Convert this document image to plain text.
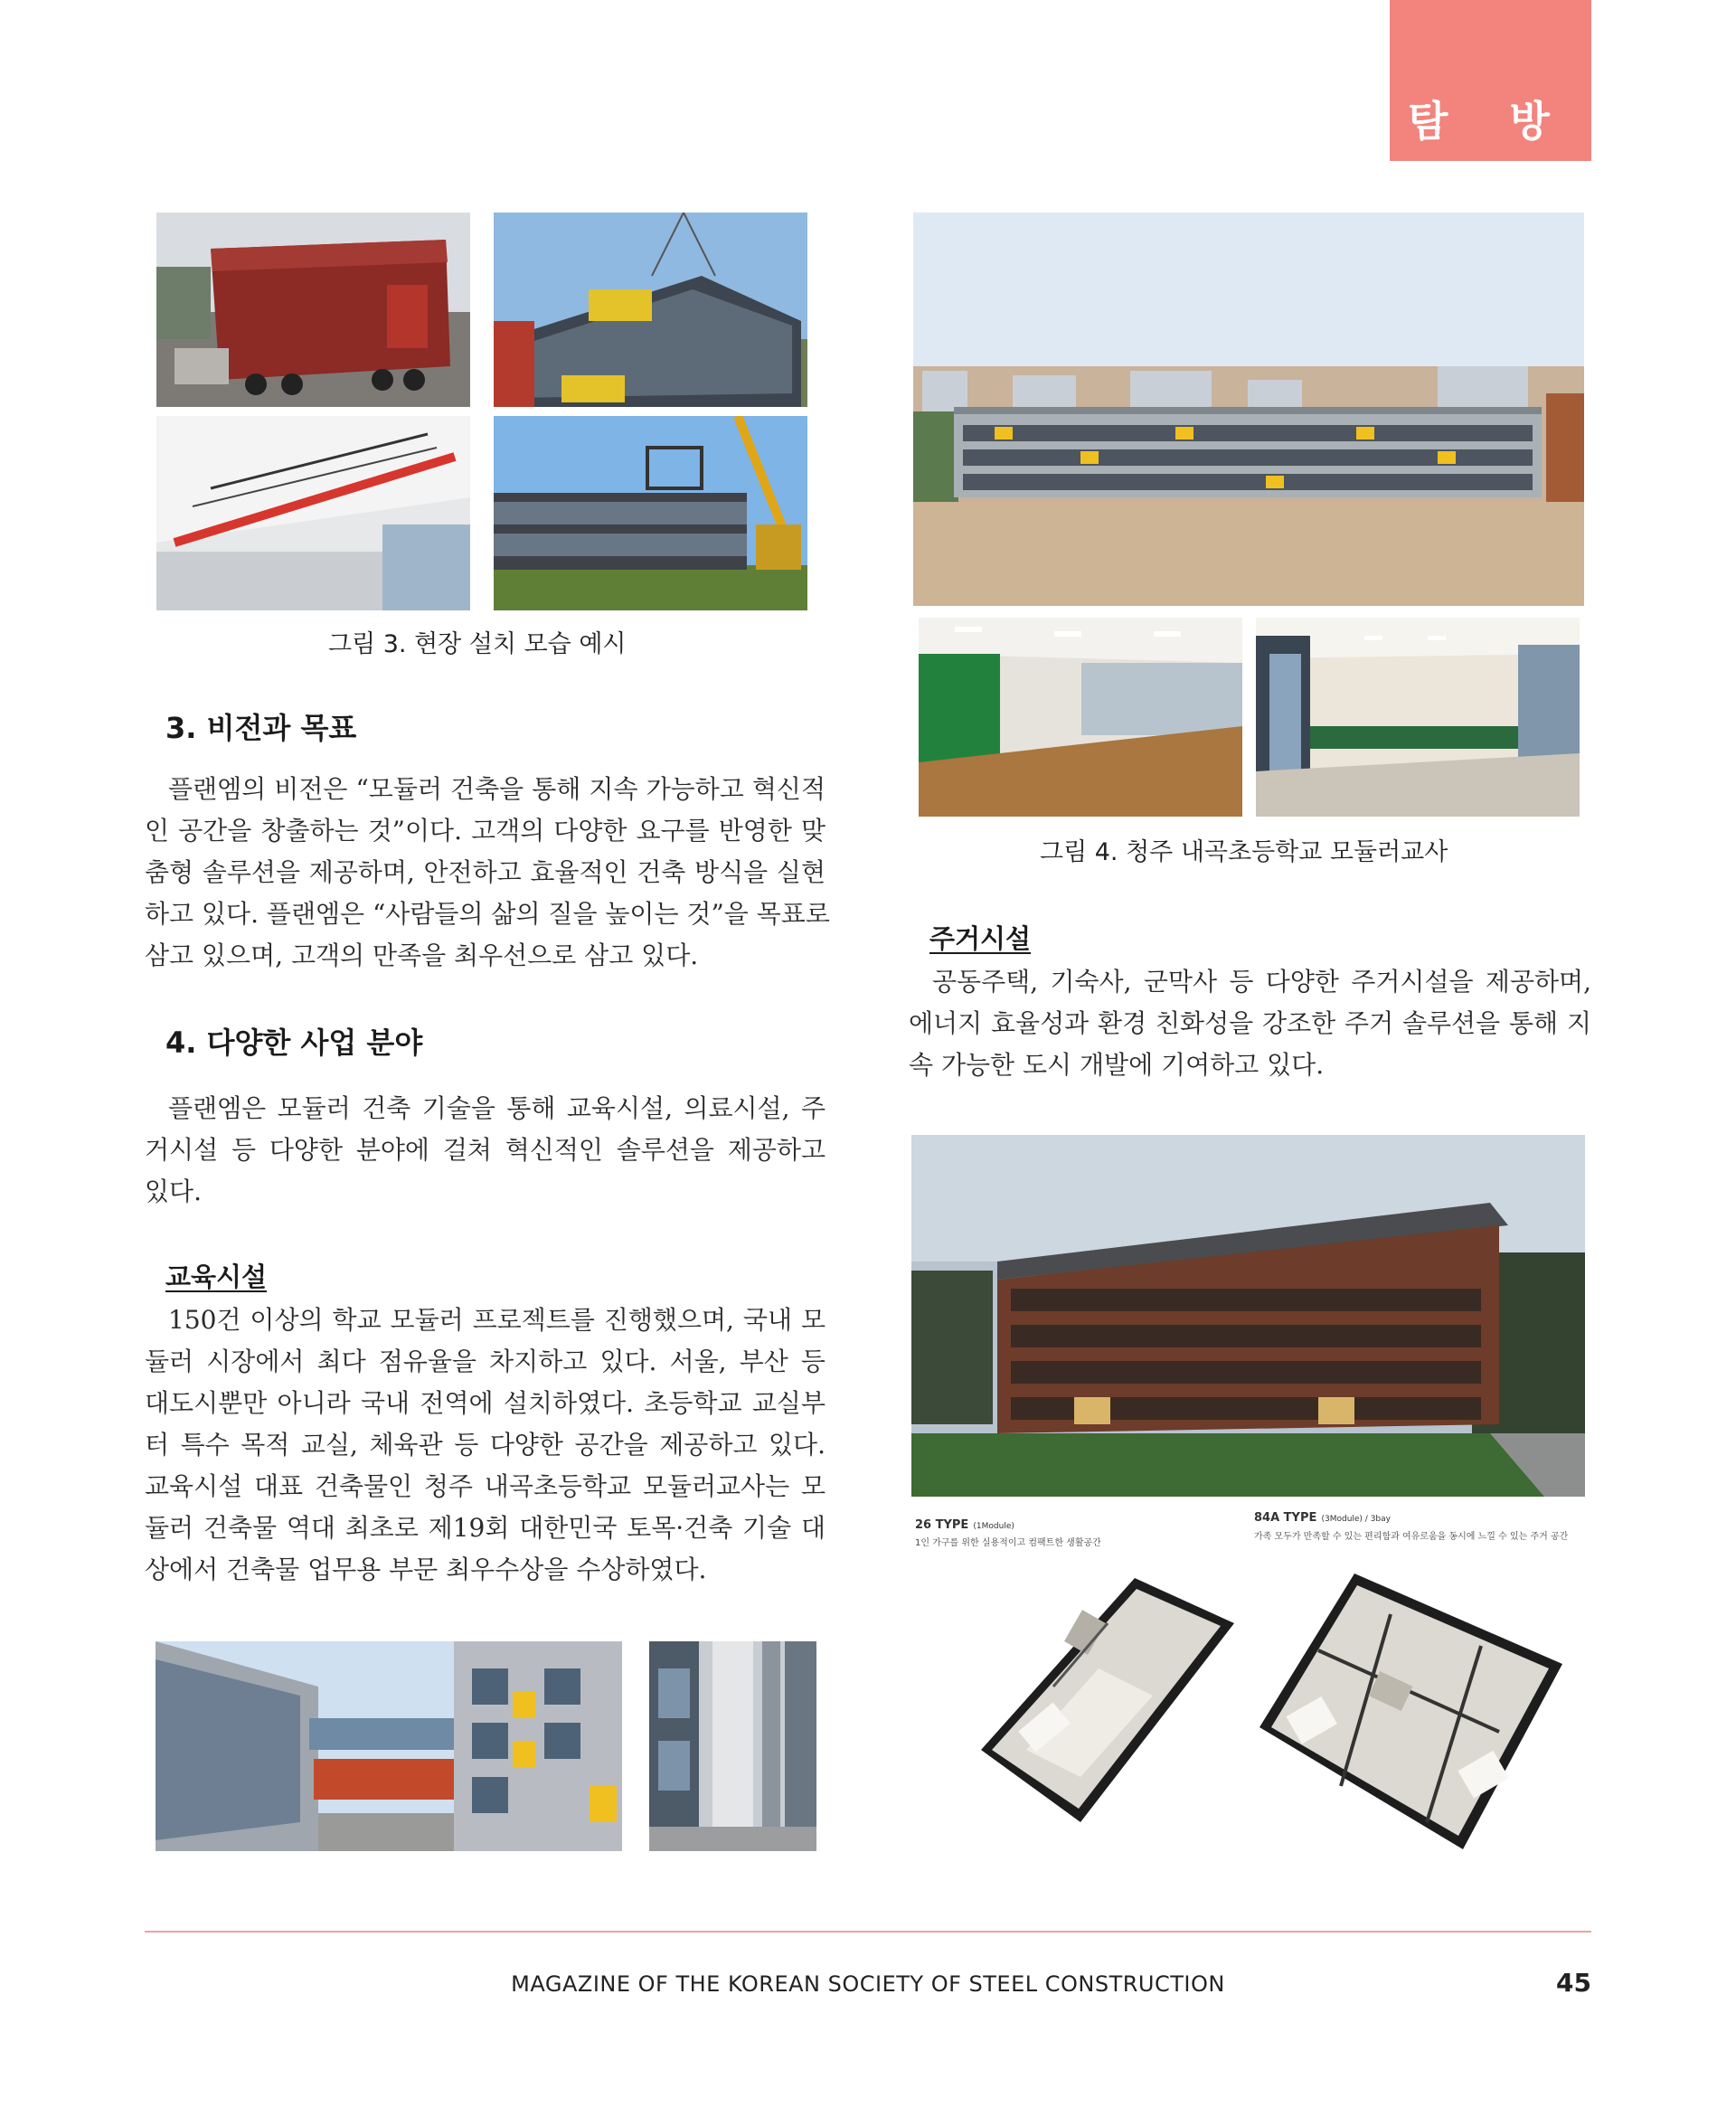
탐 방
그림 3. 현장 설치 모습 예시
3. 비전과 목표
플랜엠의 비전은 “모듈러 건축을 통해 지속 가능하고 혁신적
인 공간을 창출하는 것”이다. 고객의 다양한 요구를 반영한 맞
춤형 솔루션을 제공하며, 안전하고 효율적인 건축 방식을 실현
하고 있다. 플랜엠은 “사람들의 삶의 질을 높이는 것”을 목표로
삼고 있으며, 고객의 만족을 최우선으로 삼고 있다.
4. 다양한 사업 분야
플랜엠은 모듈러 건축 기술을 통해 교육시설, 의료시설, 주
거시설 등 다양한 분야에 걸쳐 혁신적인 솔루션을 제공하고
있다.
교육시설
150건 이상의 학교 모듈러 프로젝트를 진행했으며, 국내 모
듈러 시장에서 최다 점유율을 차지하고 있다. 서울, 부산 등
대도시뿐만 아니라 국내 전역에 설치하였다. 초등학교 교실부
터 특수 목적 교실, 체육관 등 다양한 공간을 제공하고 있다.
교육시설 대표 건축물인 청주 내곡초등학교 모듈러교사는 모
듈러 건축물 역대 최초로 제19회 대한민국 토목·건축 기술 대
상에서 건축물 업무용 부문 최우수상을 수상하였다.
그림 4. 청주 내곡초등학교 모듈러교사
주거시설
공동주택, 기숙사, 군막사 등 다양한 주거시설을 제공하며,
에너지 효율성과 환경 친화성을 강조한 주거 솔루션을 통해 지
속 가능한 도시 개발에 기여하고 있다.
26 TYPE (1Module)
1인 가구를 위한 실용적이고 컴팩트한 생활공간
84A TYPE (3Module) / 3bay
가족 모두가 만족할 수 있는 편리함과 여유로움을 동시에 느낄 수 있는 주거 공간
MAGAZINE OF THE KOREAN SOCIETY OF STEEL CONSTRUCTION	45
